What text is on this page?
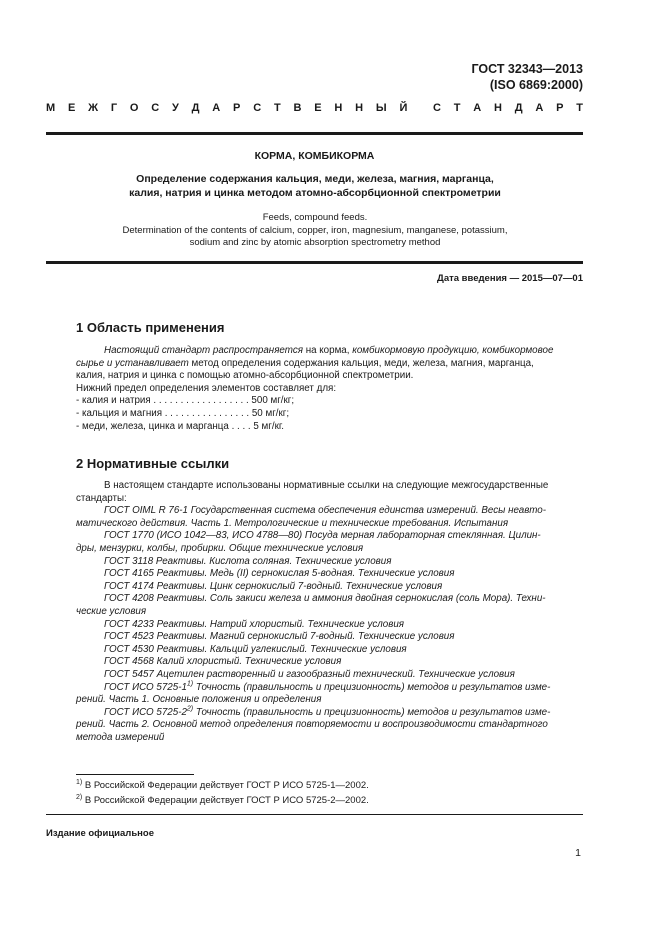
ГОСТ 32343—2013
(ISO 6869:2000)
М Е Ж Г О С У Д А Р С Т В Е Н Н Ы Й С Т А Н Д А Р Т
КОРМА, КОМБИКОРМА
Определение содержания кальция, меди, железа, магния, марганца,
калия, натрия и цинка методом атомно-абсорбционной спектрометрии
Feeds, compound feeds.
Determination of the contents of calcium, copper, iron, magnesium, manganese, potassium,
sodium and zinc by atomic absorption spectrometry method
Дата введения — 2015—07—01
1 Область применения

Настоящий стандарт распространяется на корма, комбикормовую продукцию, комбикормовое

сырье и устанавливает метод определения содержания кальция, меди, железа, магния, марганца,

калия, натрия и цинка с помощью атомно-абсорбционной спектрометрии.

Нижний предел определения элементов составляет для:

- калия и натрия . . . . . . . . . . . . . . . . . . 500 мг/кг;

- кальция и магния . . . . . . . . . . . . . . . . 50 мг/кг;

- меди, железа, цинка и марганца . . . . 5 мг/кг.

2 Нормативные ссылки

В настоящем стандарте использованы нормативные ссылки на следующие межгосударственные

стандарты:

ГОСТ OIML R 76-1 Государственная система обеспечения единства измерений. Весы неавто-

матического действия. Часть 1. Метрологические и технические требования. Испытания

ГОСТ 1770 (ИСО 1042—83, ИСО 4788—80) Посуда мерная лабораторная стеклянная. Цилин-

дры, мензурки, колбы, пробирки. Общие технические условия

ГОСТ 3118 Реактивы. Кислота соляная. Технические условия

ГОСТ 4165 Реактивы. Медь (II) сернокислая 5-водная. Технические условия

ГОСТ 4174 Реактивы. Цинк сернокислый 7-водный. Технические условия

ГОСТ 4208 Реактивы. Соль закиси железа и аммония двойная сернокислая (соль Мора). Техни-

ческие условия

ГОСТ 4233 Реактивы. Натрий хлористый. Технические условия

ГОСТ 4523 Реактивы. Магний сернокислый 7-водный. Технические условия

ГОСТ 4530 Реактивы. Кальций углекислый. Технические условия

ГОСТ 4568 Калий хлористый. Технические условия

ГОСТ 5457 Ацетилен растворенный и газообразный технический. Технические условия

ГОСТ ИСО 5725-1$^{1)}$ Точность (правильность и прецизионность) методов и результатов изме-

рений. Часть 1. Основные положения и определения

ГОСТ ИСО 5725-2$^{2)}$ Точность (правильность и прецизионность) методов и результатов изме-

рений. Часть 2. Основной метод определения повторяемости и воспроизводимости стандартного

метода измерений

$^{1)}$ В Российской Федерации действует ГОСТ Р ИСО 5725-1—2002.
$^{2)}$ В Российской Федерации действует ГОСТ Р ИСО 5725-2—2002.
Издание официальное
1
